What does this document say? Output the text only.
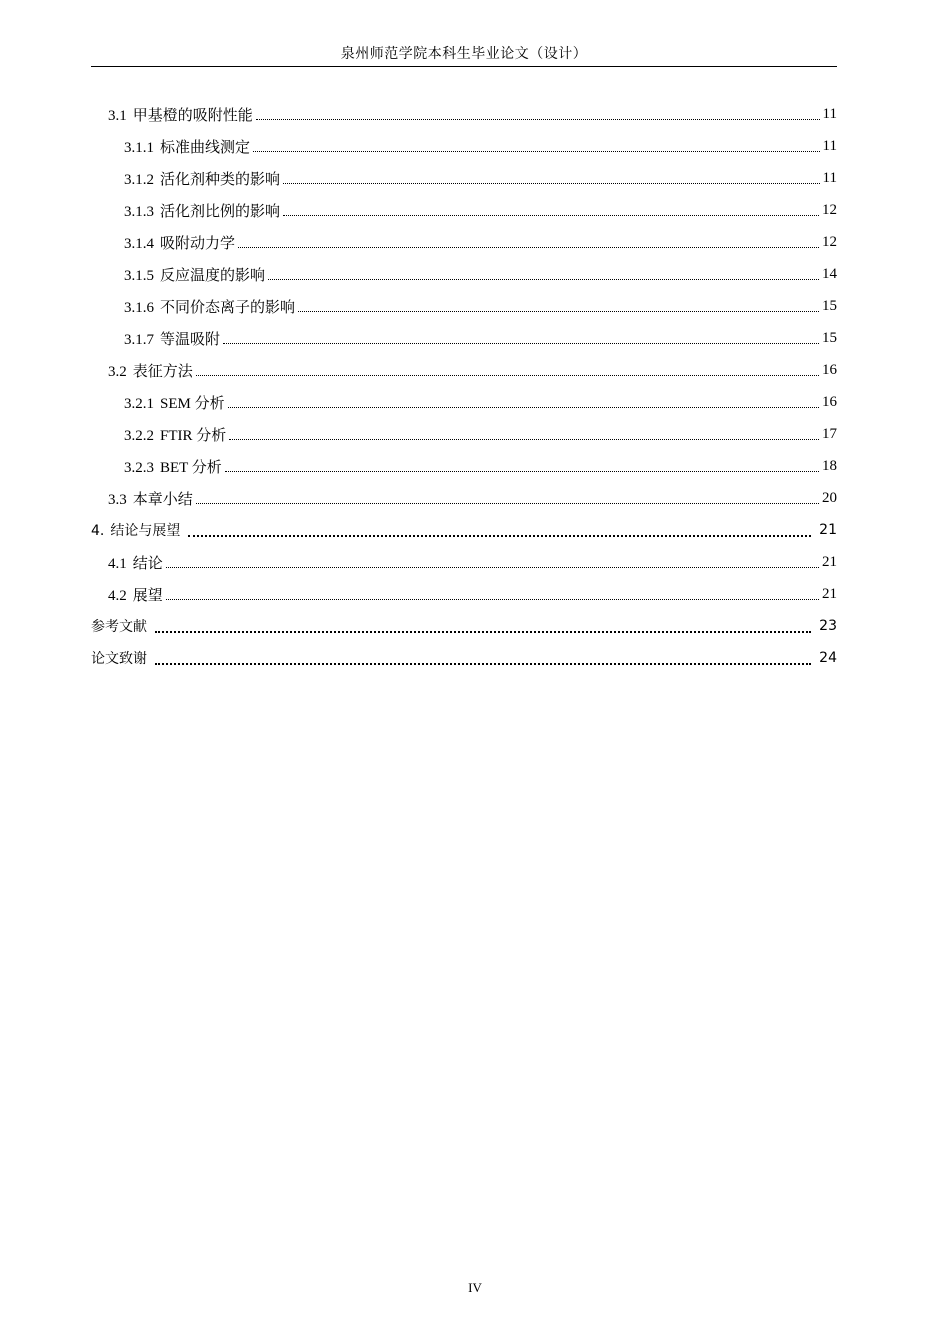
泉州师范学院本科生毕业论文（设计）
3.1 甲基橙的吸附性能	11
3.1.1 标准曲线测定	11
3.1.2 活化剂种类的影响	11
3.1.3 活化剂比例的影响	12
3.1.4 吸附动力学	12
3.1.5 反应温度的影响	14
3.1.6 不同价态离子的影响	15
3.1.7 等温吸附	15
3.2 表征方法	16
3.2.1 SEM 分析	16
3.2.2 FTIR 分析	17
3.2.3 BET 分析	18
3.3 本章小结	20
4. 结论与展望	21
4.1 结论	21
4.2 展望	21
参考文献	23
论文致谢	24
IV
